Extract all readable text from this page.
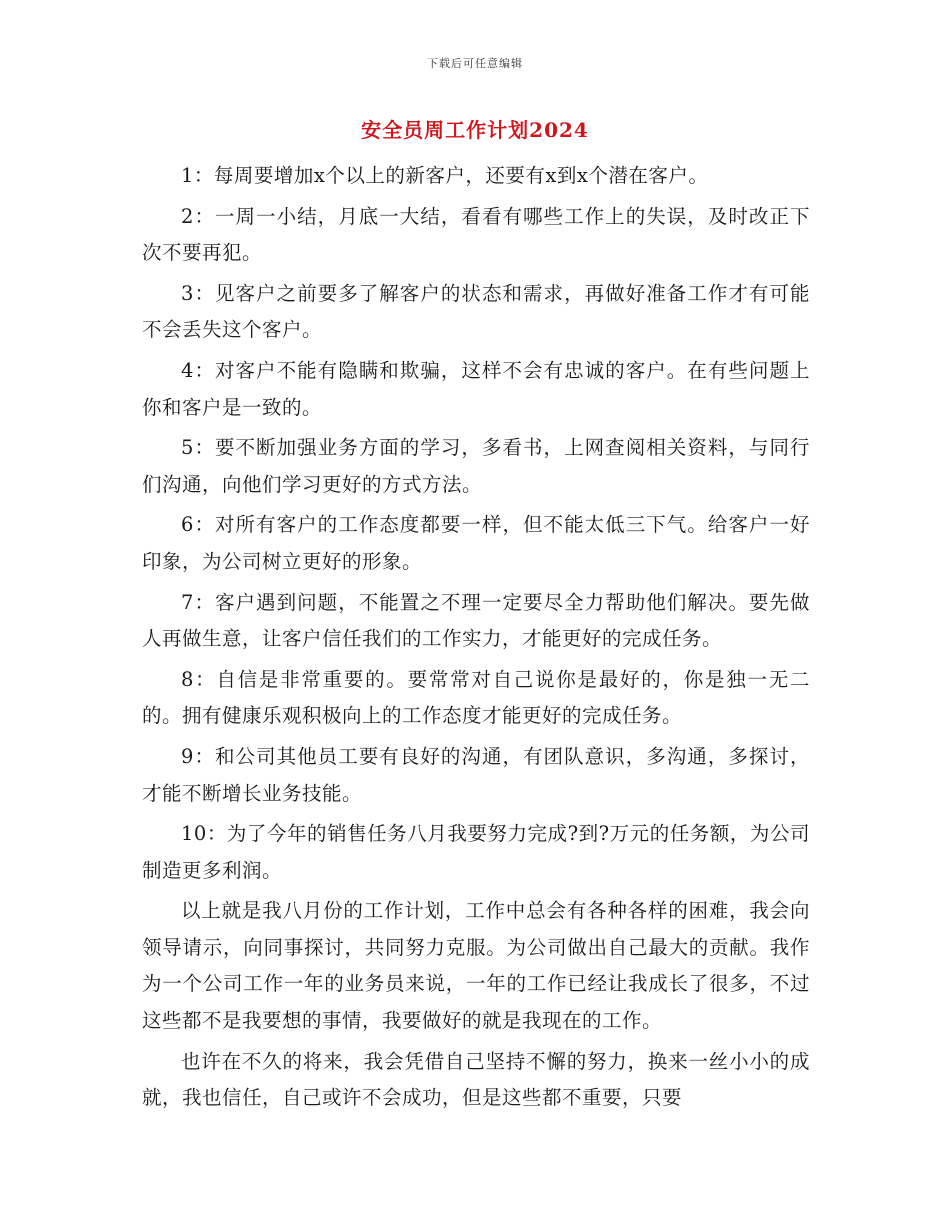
下载后可任意编辑
安全员周工作计划2024

1：每周要增加x个以上的新客户，还要有x到x个潜在客户。

2：一周一小结，月底一大结，看看有哪些工作上的失误，及时改正下次不要再犯。

3：见客户之前要多了解客户的状态和需求，再做好准备工作才有可能不会丢失这个客户。

4：对客户不能有隐瞒和欺骗，这样不会有忠诚的客户。在有些问题上你和客户是一致的。

5：要不断加强业务方面的学习，多看书，上网查阅相关资料，与同行们沟通，向他们学习更好的方式方法。

6：对所有客户的工作态度都要一样，但不能太低三下气。给客户一好印象，为公司树立更好的形象。

7：客户遇到问题，不能置之不理一定要尽全力帮助他们解决。要先做人再做生意，让客户信任我们的工作实力，才能更好的完成任务。

8：自信是非常重要的。要常常对自己说你是最好的，你是独一无二的。拥有健康乐观积极向上的工作态度才能更好的完成任务。

9：和公司其他员工要有良好的沟通，有团队意识，多沟通，多探讨，才能不断增长业务技能。

10：为了今年的销售任务八月我要努力完成?到?万元的任务额，为公司制造更多利润。

以上就是我八月份的工作计划，工作中总会有各种各样的困难，我会向领导请示，向同事探讨，共同努力克服。为公司做出自己最大的贡献。我作为一个公司工作一年的业务员来说，一年的工作已经让我成长了很多，不过这些都不是我要想的事情，我要做好的就是我现在的工作。

也许在不久的将来，我会凭借自己坚持不懈的努力，换来一丝小小的成就，我也信任，自己或许不会成功，但是这些都不重要，只要
